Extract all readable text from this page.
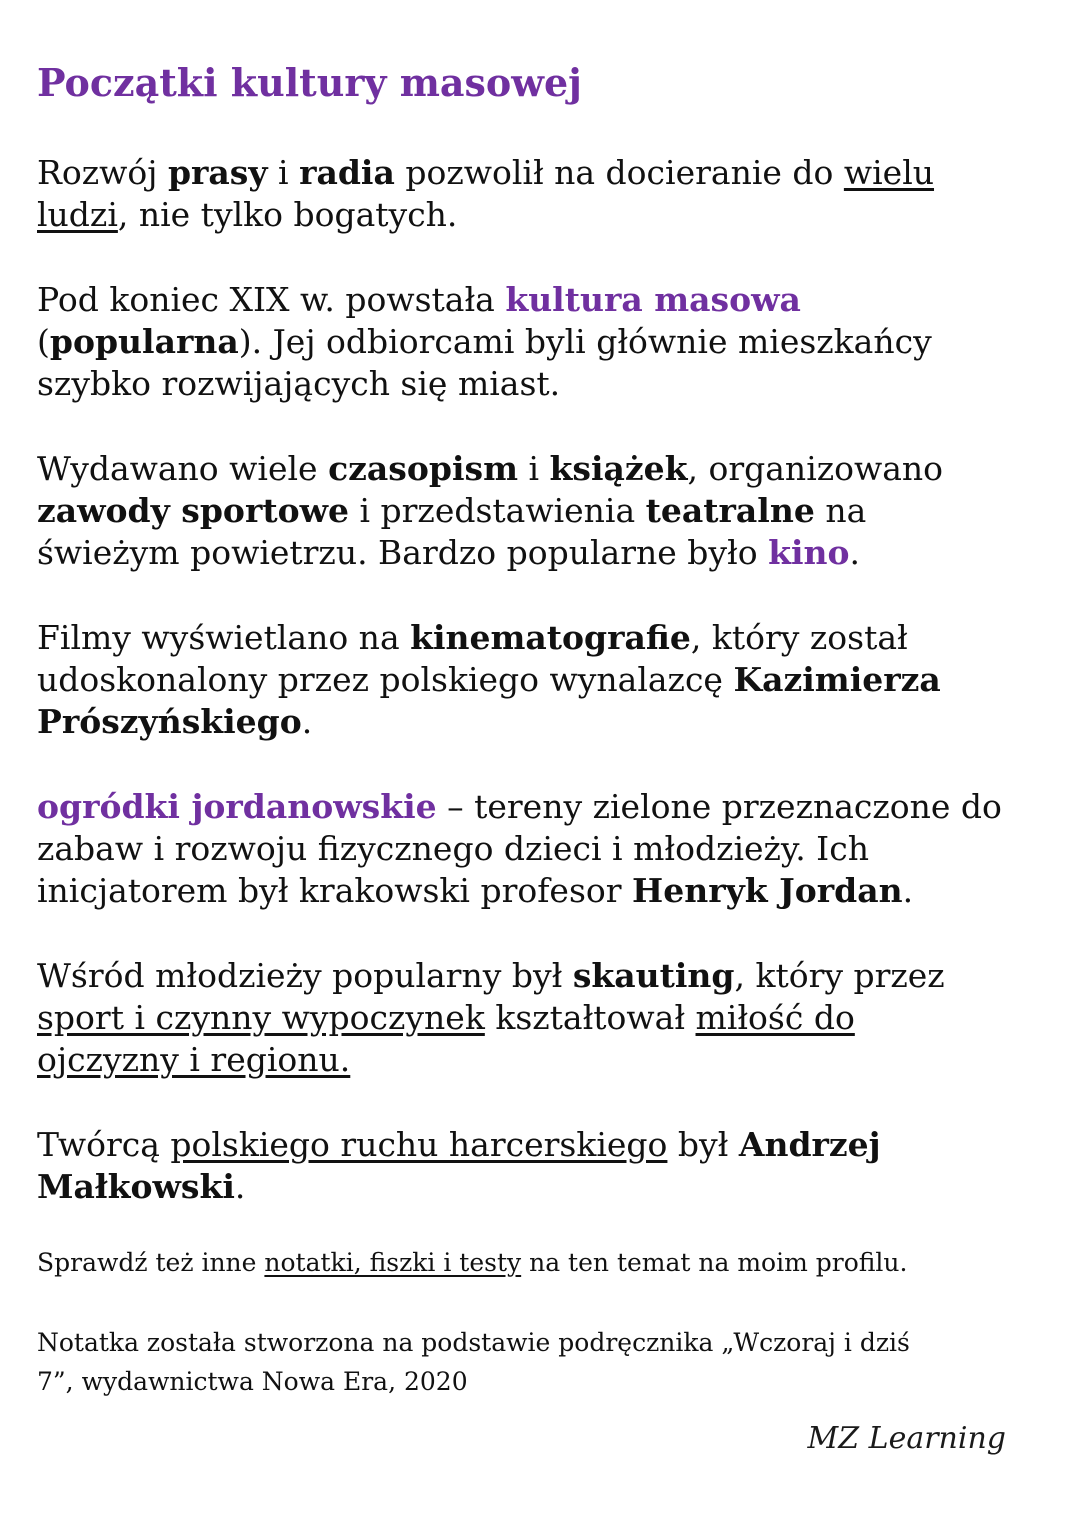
Początki kultury masowej

Rozwój prasy i radia pozwolił na docieranie do wielu
ludzi, nie tylko bogatych.

Pod koniec XIX w. powstała kultura masowa
(popularna). Jej odbiorcami byli głównie mieszkańcy
szybko rozwijających się miast.

Wydawano wiele czasopism i książek, organizowano
zawody sportowe i przedstawienia teatralne na
świeżym powietrzu. Bardzo popularne było kino.

Filmy wyświetlano na kinematografie, który został
udoskonalony przez polskiego wynalazcę Kazimierza
Prószyńskiego.

ogródki jordanowskie – tereny zielone przeznaczone do
zabaw i rozwoju fizycznego dzieci i młodzieży. Ich
inicjatorem był krakowski profesor Henryk Jordan.

Wśród młodzieży popularny był skauting, który przez
sport i czynny wypoczynek kształtował miłość do
ojczyzny i regionu.

Twórcą polskiego ruchu harcerskiego był Andrzej
Małkowski.

Sprawdź też inne notatki, fiszki i testy na ten temat na moim profilu.

Notatka została stworzona na podstawie podręcznika „Wczoraj i dziś
7”, wydawnictwa Nowa Era, 2020

MZ Learning
